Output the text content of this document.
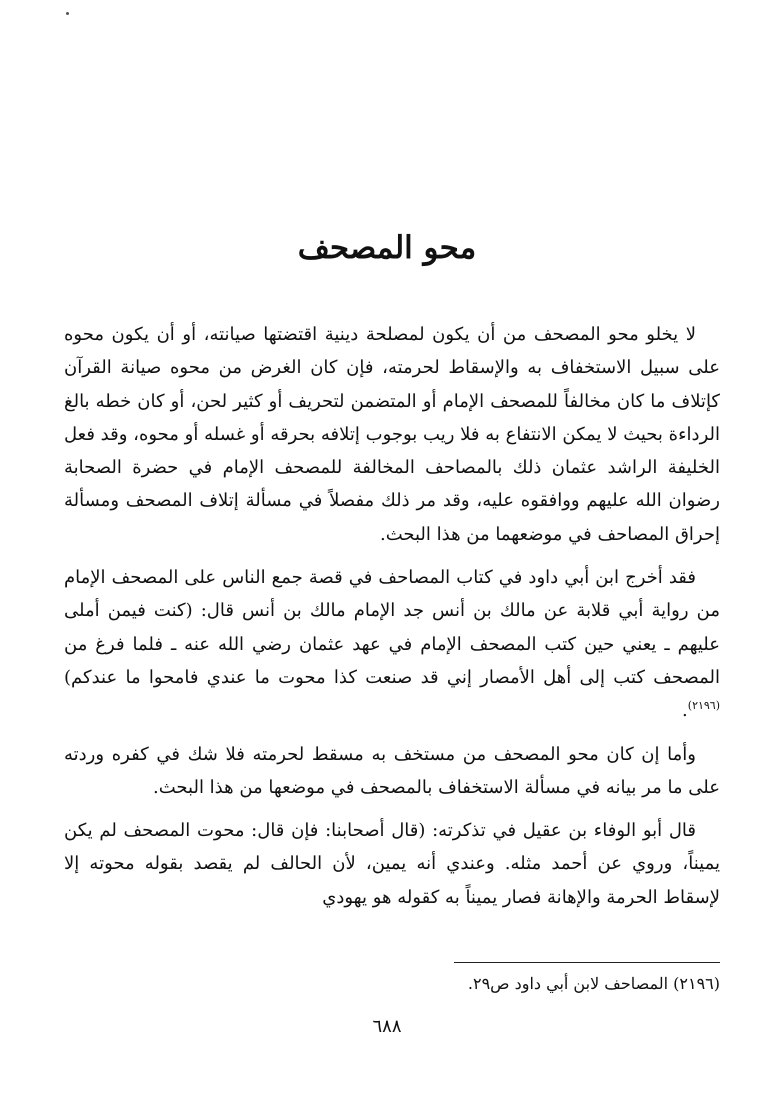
محو المصحف

لا يخلو محو المصحف من أن يكون لمصلحة دينية اقتضتها صيانته، أو أن يكون محوه على سبيل الاستخفاف به والإسقاط لحرمته، فإن كان الغرض من محوه صيانة القرآن كإتلاف ما كان مخالفاً للمصحف الإمام أو المتضمن لتحريف أو كثير لحن، أو كان خطه بالغ الرداءة بحيث لا يمكن الانتفاع به فلا ريب بوجوب إتلافه بحرقه أو غسله أو محوه، وقد فعل الخليفة الراشد عثمان ذلك بالمصاحف المخالفة للمصحف الإمام في حضرة الصحابة رضوان الله عليهم ووافقوه عليه، وقد مر ذلك مفصلاً في مسألة إتلاف المصحف ومسألة إحراق المصاحف في موضعهما من هذا البحث.

فقد أخرج ابن أبي داود في كتاب المصاحف في قصة جمع الناس على المصحف الإمام من رواية أبي قلابة عن مالك بن أنس جد الإمام مالك بن أنس قال: (كنت فيمن أملى عليهم ـ يعني حين كتب المصحف الإمام في عهد عثمان رضي الله عنه ـ فلما فرغ من المصحف كتب إلى أهل الأمصار إني قد صنعت كذا محوت ما عندي فامحوا ما عندكم)$^{(٢١٩٦)}$.

وأما إن كان محو المصحف من مستخف به مسقط لحرمته فلا شك في كفره وردته على ما مر بيانه في مسألة الاستخفاف بالمصحف في موضعها من هذا البحث.

قال أبو الوفاء بن عقيل في تذكرته: (قال أصحابنا: فإن قال: محوت المصحف لم يكن يميناً، وروي عن أحمد مثله. وعندي أنه يمين، لأن الحالف لم يقصد بقوله محوته إلا لإسقاط الحرمة والإهانة فصار يميناً به كقوله هو يهودي

(٢١٩٦) المصاحف لابن أبي داود ص٢٩.

٦٨٨
